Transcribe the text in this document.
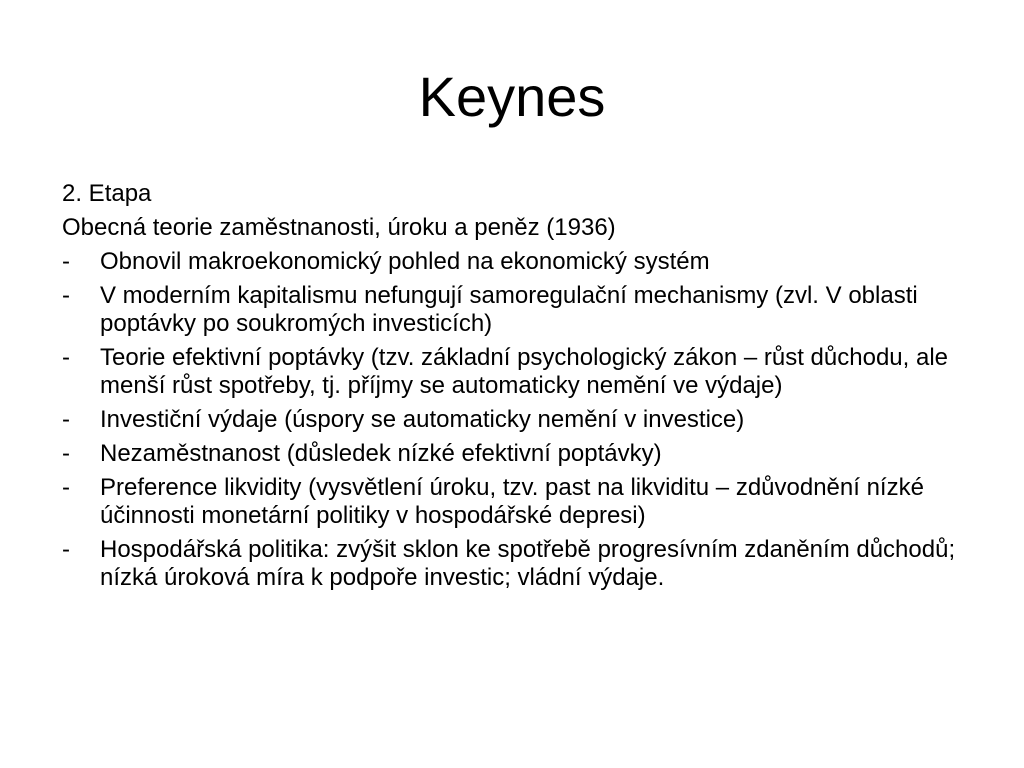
Keynes

2. Etapa

Obecná teorie zaměstnanosti, úroku a peněz (1936)

-	Obnovil makroekonomický pohled na ekonomický systém
-	V moderním kapitalismu nefungují samoregulační mechanismy (zvl. V oblasti poptávky po soukromých investicích)
-	Teorie efektivní poptávky (tzv. základní psychologický zákon – růst důchodu, ale menší růst spotřeby, tj. příjmy se automaticky nemění ve výdaje)
-	Investiční výdaje (úspory se automaticky nemění v investice)
-	Nezaměstnanost (důsledek nízké efektivní poptávky)
-	Preference likvidity (vysvětlení úroku, tzv. past na likviditu – zdůvodnění nízké účinnosti monetární politiky v hospodářské depresi)
-	Hospodářská politika: zvýšit sklon ke spotřebě progresívním zdaněním důchodů; nízká úroková míra k podpoře investic; vládní výdaje.
